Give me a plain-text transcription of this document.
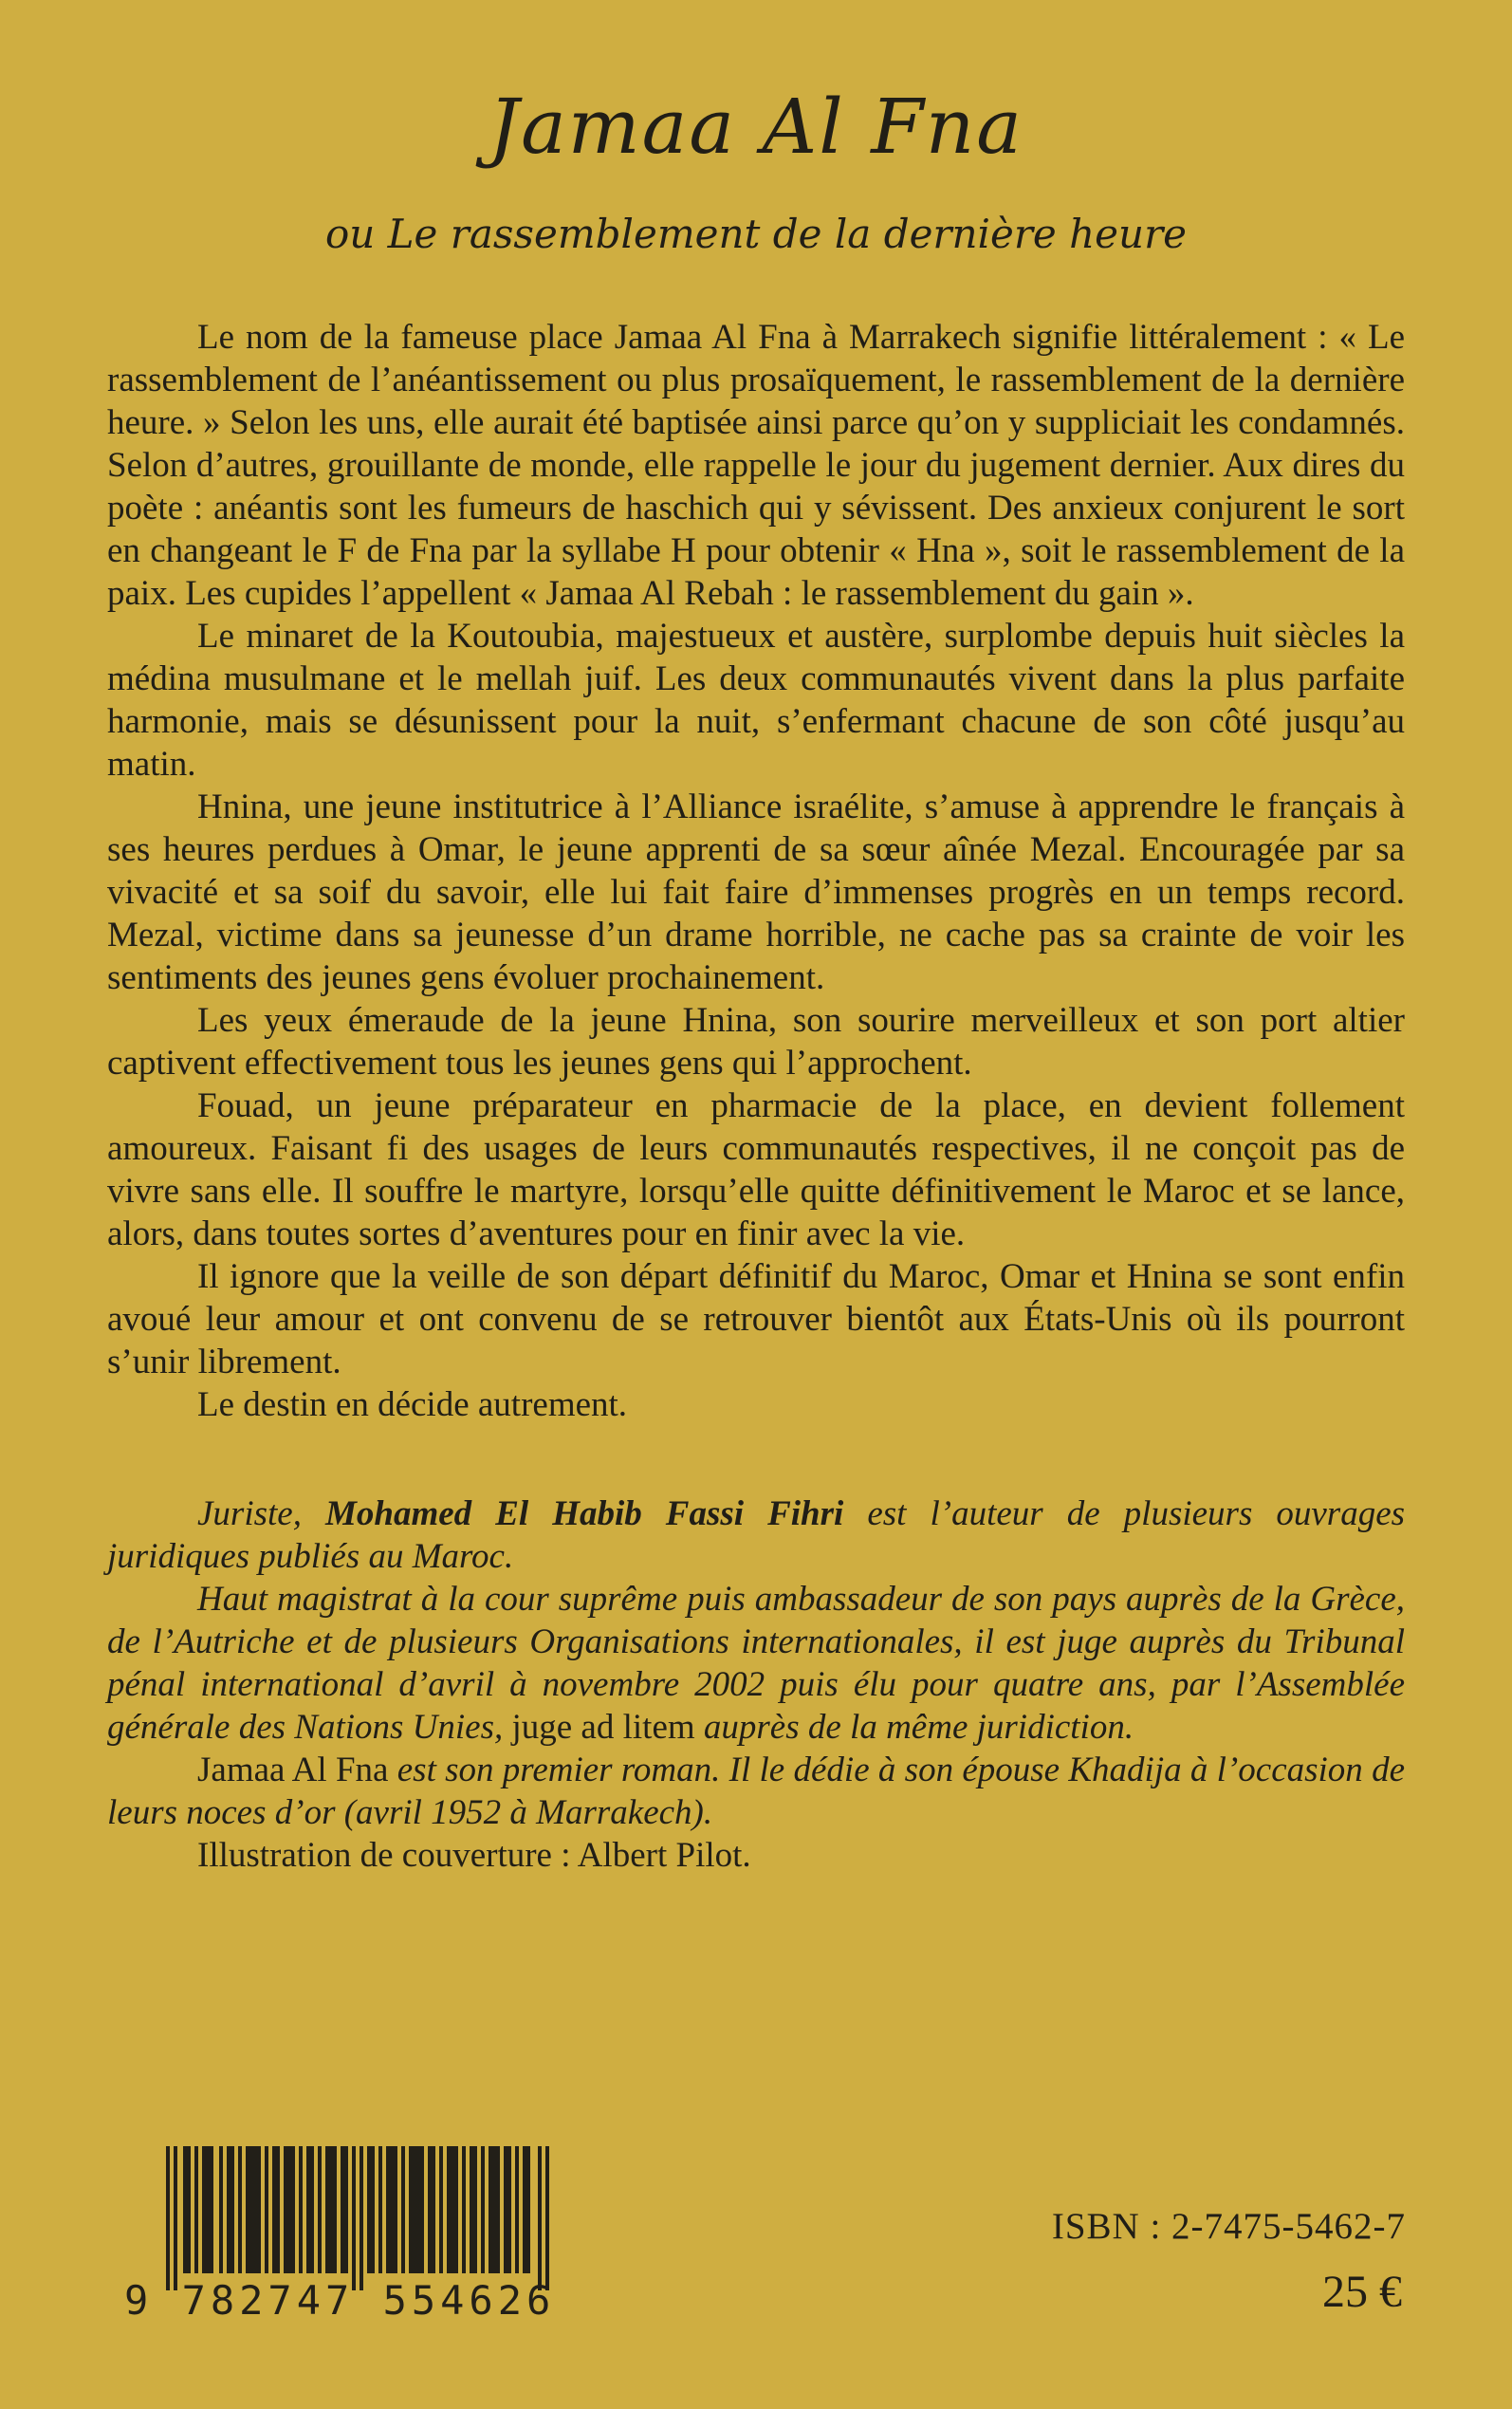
Jamaa Al Fna
ou Le rassemblement de la dernière heure

Le nom de la fameuse place Jamaa Al Fna à Marrakech signifie littéralement : « Le rassemblement de l’anéantissement ou plus prosaïquement, le rassemblement de la dernière heure. » Selon les uns, elle aurait été baptisée ainsi parce qu’on y suppliciait les condamnés. Selon d’autres, grouillante de monde, elle rappelle le jour du jugement dernier. Aux dires du poète : anéantis sont les fumeurs de haschich qui y sévissent. Des anxieux conjurent le sort en changeant le F de Fna par la syllabe H pour obtenir « Hna », soit le rassemblement de la paix. Les cupides l’appellent « Jamaa Al Rebah : le rassemblement du gain ».

Le minaret de la Koutoubia, majestueux et austère, surplombe depuis huit siècles la médina musulmane et le mellah juif. Les deux communautés vivent dans la plus parfaite harmonie, mais se désunissent pour la nuit, s’enfermant chacune de son côté jusqu’au matin.

Hnina, une jeune institutrice à l’Alliance israélite, s’amuse à apprendre le français à ses heures perdues à Omar, le jeune apprenti de sa sœur aînée Mezal. Encouragée par sa vivacité et sa soif du savoir, elle lui fait faire d’immenses progrès en un temps record. Mezal, victime dans sa jeunesse d’un drame horrible, ne cache pas sa crainte de voir les sentiments des jeunes gens évoluer prochainement.

Les yeux émeraude de la jeune Hnina, son sourire merveilleux et son port altier captivent effectivement tous les jeunes gens qui l’approchent.

Fouad, un jeune préparateur en pharmacie de la place, en devient follement amoureux. Faisant fi des usages de leurs communautés respectives, il ne conçoit pas de vivre sans elle. Il souffre le martyre, lorsqu’elle quitte définitivement le Maroc et se lance, alors, dans toutes sortes d’aventures pour en finir avec la vie.

Il ignore que la veille de son départ définitif du Maroc, Omar et Hnina se sont enfin avoué leur amour et ont convenu de se retrouver bientôt aux États-Unis où ils pourront s’unir librement.

Le destin en décide autrement.

Juriste, Mohamed El Habib Fassi Fihri est l’auteur de plusieurs ouvrages juridiques publiés au Maroc.

Haut magistrat à la cour suprême puis ambassadeur de son pays auprès de la Grèce, de l’Autriche et de plusieurs Organisations internationales, il est juge auprès du Tribunal pénal international d’avril à novembre 2002 puis élu pour quatre ans, par l’Assemblée générale des Nations Unies, juge ad litem auprès de la même juridiction.

Jamaa Al Fna est son premier roman. Il le dédie à son épouse Khadija à l’occasion de leurs noces d’or (avril 1952 à Marrakech).

Illustration de couverture : Albert Pilot.

9 782747 554626
ISBN : 2-7475-5462-7
25 €
